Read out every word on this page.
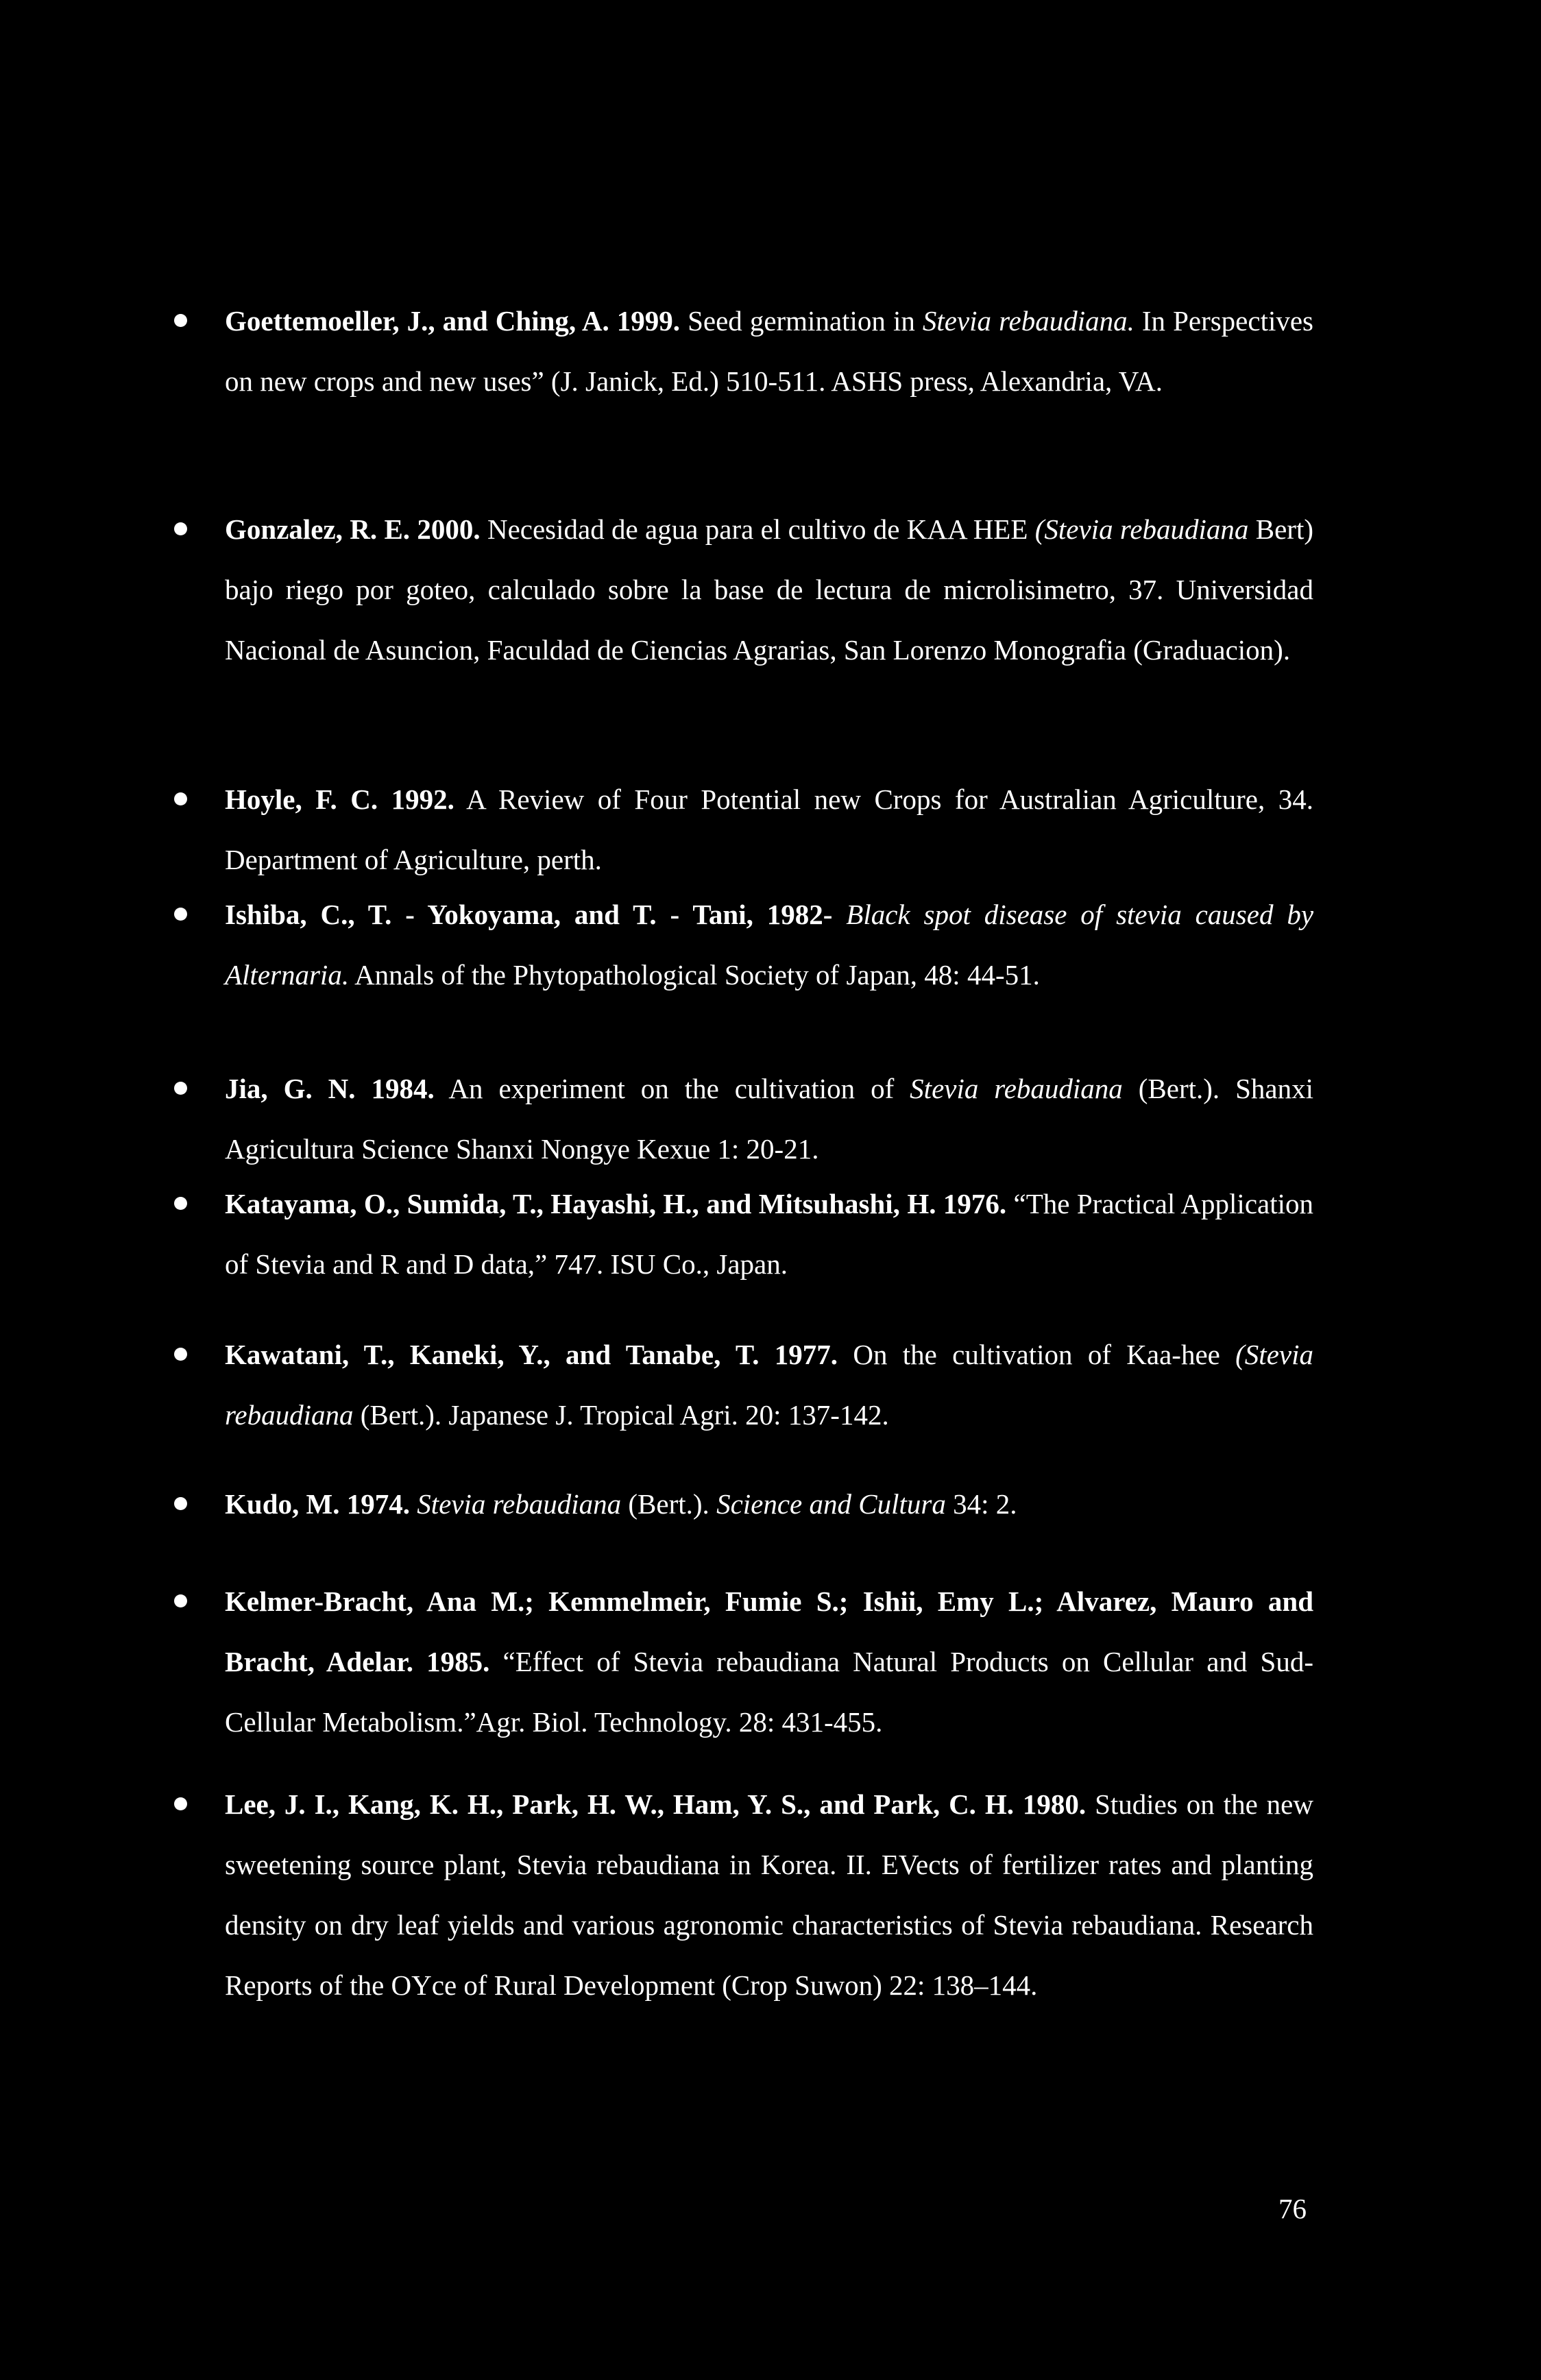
Goettemoeller, J., and Ching, A. 1999. Seed germination in Stevia rebaudiana. In Perspectives on new crops and new uses” (J. Janick, Ed.) 510-511. ASHS press, Alexandria, VA.

Gonzalez, R. E. 2000. Necesidad de agua para el cultivo de KAA HEE (Stevia rebaudiana Bert) bajo riego por goteo, calculado sobre la base de lectura de microlisimetro, 37. Universidad Nacional de Asuncion, Faculdad de Ciencias Agrarias, San Lorenzo Monografia (Graduacion).

Hoyle, F. C. 1992. A Review of Four Potential new Crops for Australian Agriculture, 34. Department of Agriculture, perth.

Ishiba, C., T. - Yokoyama, and T. - Tani, 1982- Black spot disease of stevia caused by Alternaria. Annals of the Phytopathological Society of Japan, 48: 44-51.

Jia, G. N. 1984. An experiment on the cultivation of Stevia rebaudiana (Bert.). Shanxi Agricultura Science Shanxi Nongye Kexue 1: 20-21.

Katayama, O., Sumida, T., Hayashi, H., and Mitsuhashi, H. 1976. “The Practical Application of Stevia and R and D data,” 747. ISU Co., Japan.

Kawatani, T., Kaneki, Y., and Tanabe, T. 1977. On the cultivation of Kaa-hee (Stevia rebaudiana (Bert.). Japanese J. Tropical Agri. 20: 137-142.

Kudo, M. 1974. Stevia rebaudiana (Bert.). Science and Cultura 34: 2.

Kelmer-Bracht, Ana M.; Kemmelmeir, Fumie S.; Ishii, Emy L.; Alvarez, Mauro and Bracht, Adelar. 1985. “Effect of Stevia rebaudiana Natural Products on Cellular and Sud-Cellular Metabolism.”Agr. Biol. Technology. 28: 431-455.

Lee, J. I., Kang, K. H., Park, H. W., Ham, Y. S., and Park, C. H. 1980. Studies on the new sweetening source plant, Stevia rebaudiana in Korea. II. EVects of fertilizer rates and planting density on dry leaf yields and various agronomic characteristics of Stevia rebaudiana. Research Reports of the OYce of Rural Development (Crop Suwon) 22: 138–144.

76
